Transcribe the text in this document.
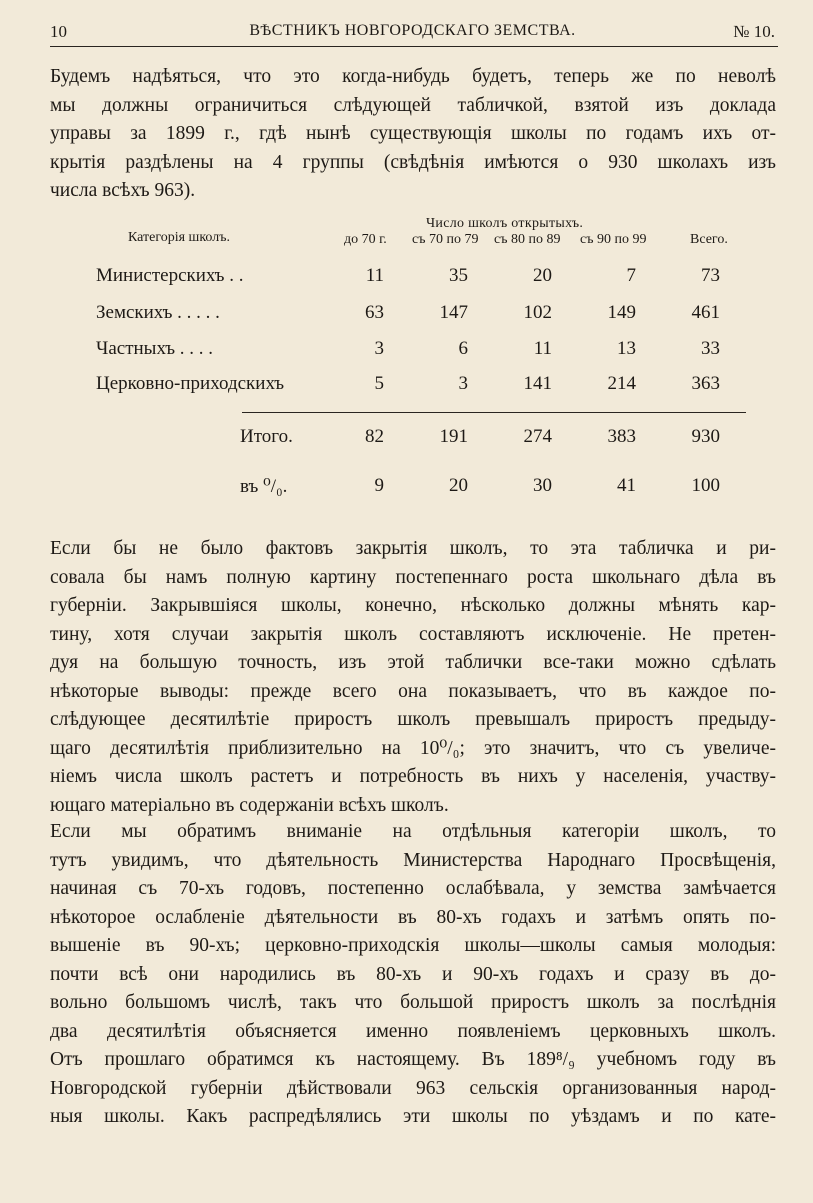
10	ВѢСТНИКЪ НОВГОРОДСКАГО ЗЕМСТВА.	№ 10.
Будемъ надѣяться, что это когда-нибудь будетъ, теперь же по неволѣ
мы должны ограничиться слѣдующей табличкой, взятой изъ доклада
управы за 1899 г., гдѣ нынѣ существующія школы по годамъ ихъ от-
крытія раздѣлены на 4 группы (свѣдѣнія имѣются о 930 школахъ изъ
числа всѣхъ 963).
Категорія школъ.
Число школъ открытыхъ.
до 70 г. съ 70 по 79 съ 80 по 89 съ 90 по 99	Всего.
Министерскихъ . .	11	35	20	7	73
Земскихъ . . . . .	63	147	102	149	461
Частныхъ . . . .	3	6	11	13	33
Церковно-приходскихъ	5	3	141	214	363
Итого.	82	191	274	383	930
въ ⁰/₀.	9	20	30	41	100
Если бы не было фактовъ закрытія школъ, то эта табличка и ри-
совала бы намъ полную картину постепеннаго роста школьнаго дѣла въ
губерніи. Закрывшіяся школы, конечно, нѣсколько должны мѣнять кар-
тину, хотя случаи закрытія школъ составляютъ исключеніе. Не претен-
дуя на большую точность, изъ этой таблички все-таки можно сдѣлать
нѣкоторые выводы: прежде всего она показываетъ, что въ каждое по-
слѣдующее десятилѣтіе приростъ школъ превышалъ приростъ предыду-
щаго десятилѣтія приблизительно на 10⁰/₀; это значитъ, что съ увеличе-
ніемъ числа школъ растетъ и потребность въ нихъ у населенія, участву-
ющаго матеріально въ содержаніи всѣхъ школъ.
Если мы обратимъ вниманіе на отдѣльныя категоріи школъ, то
тутъ увидимъ, что дѣятельность Министерства Народнаго Просвѣщенія,
начиная съ 70-хъ годовъ, постепенно ослабѣвала, у земства замѣчается
нѣкоторое ослабленіе дѣятельности въ 80-хъ годахъ и затѣмъ опять по-
вышеніе въ 90-хъ; церковно-приходскія школы—школы самыя молодыя:
почти всѣ они народились въ 80-хъ и 90-хъ годахъ и сразу въ до-
вольно большомъ числѣ, такъ что большой приростъ школъ за послѣднія
два десятилѣтія объясняется именно появленіемъ церковныхъ школъ.
Отъ прошлаго обратимся къ настоящему. Въ 189⁸/₉ учебномъ году въ
Новгородской губерніи дѣйствовали 963 сельскія организованныя народ-
ныя школы. Какъ распредѣлялись эти школы по уѣздамъ и по кате-
